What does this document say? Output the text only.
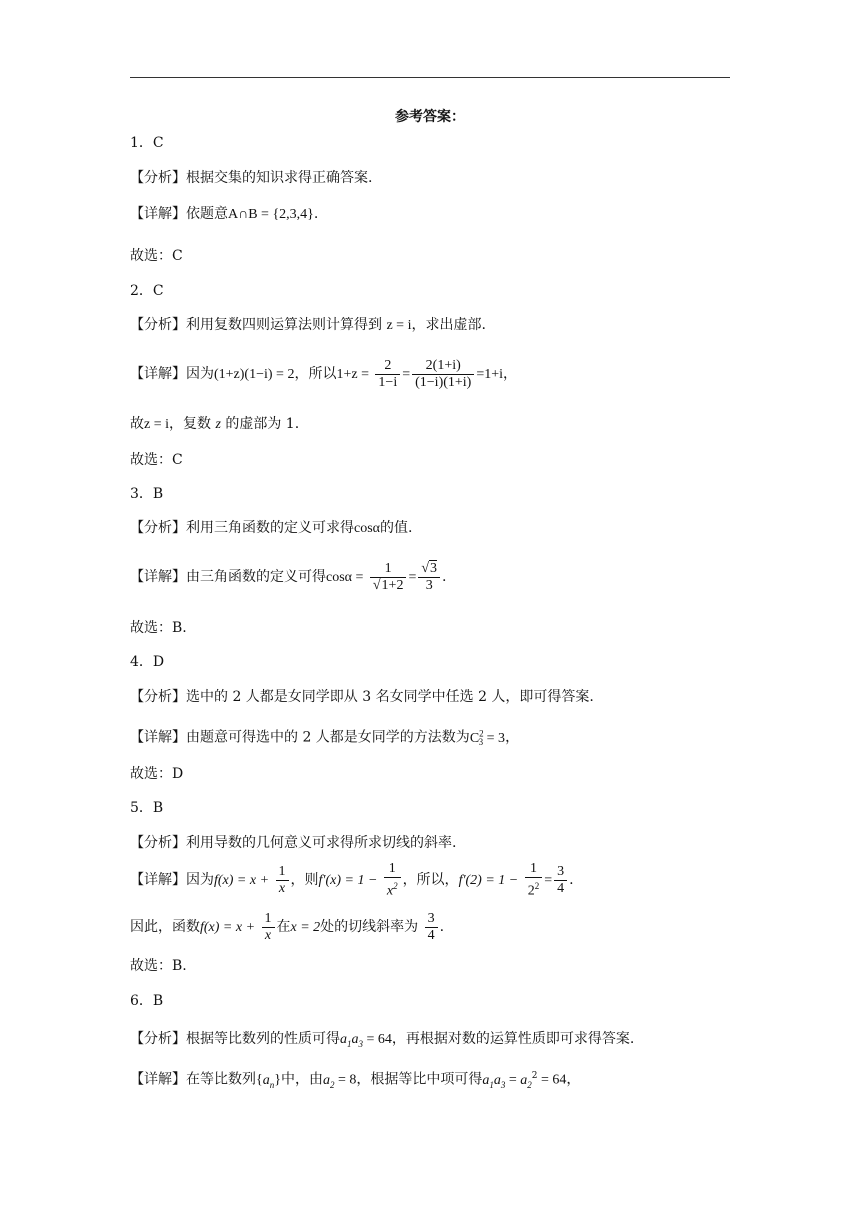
参考答案：
1．C
【分析】根据交集的知识求得正确答案.
【详解】依题意A∩B = {2,3,4}.
故选：C
2．C
【分析】利用复数四则运算法则计算得到 z = i，求出虚部.
【详解】因为(1+z)(1−i) = 2，所以$1+z = \frac{2}{1-i} = \frac{2(1+i)}{(1-i)(1+i)} =1+i$，
故z = i，复数 z 的虚部为 1.
故选：C
3．B
【分析】利用三角函数的定义可求得cosα的值.
【详解】由三角函数的定义可得$\cos\alpha = \frac{1}{√1+2} = \frac{√3}{3}$ .
故选：B.
4．D
【分析】选中的 2 人都是女同学即从 3 名女同学中任选 2 人，即可得答案.
【详解】由题意可得选中的 2 人都是女同学的方法数为$C^2_3 = 3$，
故选：D
5．B
【分析】利用导数的几何意义可求得所求切线的斜率.
【详解】因为$f(x) = x + \frac{1}{x}$ ，则$f'(x) = 1 - \frac{1}{x^2}$ ，所以，$f'(2) = 1 - \frac{1}{2^2} = \frac{3}{4}$ .
因此，函数$f(x) = x + \frac{1}{x}$ 在x = 2处的切线斜率为 $\frac{3}{4}$ .
故选：B.
6．B
【分析】根据等比数列的性质可得$a_1a_3 = 64$，再根据对数的运算性质即可求得答案.
【详解】在等比数列$\{a_n\}$中，由$a_2 = 8$，根据等比中项可得$a_1a_3 = a_2^2 = 64$，
